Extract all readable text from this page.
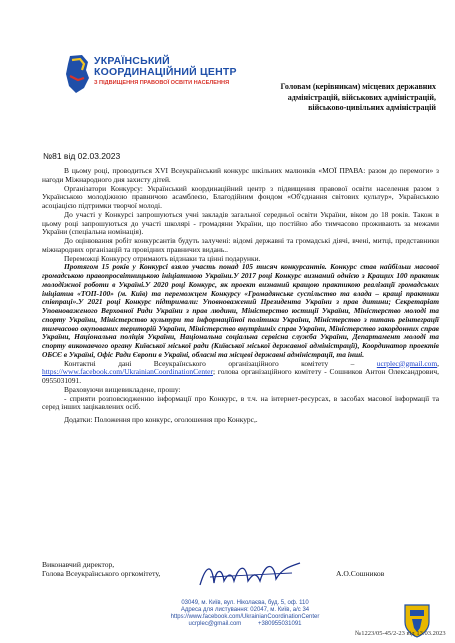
УКРАЇНСЬКИЙ
КООРДИНАЦІЙНИЙ ЦЕНТР
З ПІДВИЩЕННЯ ПРАВОВОЇ ОСВІТИ НАСЕЛЕННЯ	Головам (керівникам) місцевих державних
адміністрацій, військових адміністрацій,
військово-цивільних адміністрацій
№81 від 02.03.2023

В цьому році, проводиться XVI Всеукраїнський конкурс шкільних малюнків «МОЇ ПРАВА: разом до перемоги» з нагоди Міжнародного дня захисту дітей.

Організатори Конкурсу: Український координаційний центр з підвищення правової освіти населення разом з Українською молодіжною правничою асамблеєю, Благодійним фондом «Об'єднання світових культур», Українською асоціацією підтримки творчої молоді.

До участі у Конкурсі запрошуються учні закладів загальної середньої освіти України, віком до 18 років. Також в цьому році запрошуються до участі школярі - громадяни України, що постійно або тимчасово проживають за межами України (спеціальна номінація).

До оцінювання робіт конкурсантів будуть залучені: відомі державні та громадські діячі, вчені, митці, представники міжнародних організацій та провідних правничих видань..

Переможці Конкурсу отримають відзнаки та цінні подарунки.

Протягом 15 років у Конкурсі взяло участь понад 105 тисяч конкурсантів. Конкурс став найбільш масової громадською правопросвітницькою ініціативою України.У 2017 році Конкурс визнаний однією з Кращих 100 практик молодіжної роботи в Україні.У 2020 році Конкурс, як проект визнаний кращою практикою реалізації громадських ініціатив «ТОП-100» (м. Київ) та переможцем Конкурсу «Громадянське суспільство та влада – кращі практики співпраці».У 2021 році Конкурс підтримали: Уповноважений Президента України з прав дитини; Секретаріат Уповноваженого Верховної Ради України з прав людини, Міністерство юстиції України, Міністерство молоді та спорту України, Міністерство культури та інформаційної політики України, Міністерство з питань реінтеграції тимчасово окупованих територій України, Міністерство внутрішніх справ України, Міністерство закордонних справ України, Національна поліція України, Національна соціальна сервісна служба України, Департамент молоді та спорту виконавчого органу Київської міської ради (Київської міської державної адміністрації), Координатор проектів ОБСЄ в Україні, Офіс Ради Європи в Україні, обласні та місцеві державні адміністрації, та інші.

Контактні дані Всеукраїнського організаційного комітету –	ucrplec@gmail.com, https://www.facebook.com/UkrainianCoordinationCenter; голова організаційного комітету - Сошников Антон Олександрович, 0955031091.

Враховуючи вищевикладене, прошу:

- сприяти розповсюдженню інформації про Конкурс, в т.ч. на інтернет-ресурсах, в засобах масової інформації та серед інших зацікавлених осіб.

Додатки: Положення про конкурс, оголошення про Конкурс,.

Виконавчий директор,
Голова Всеукраїнського оргкомітету,	А.О.Сошников
03049, м. Київ, вул. Ніколаєва, буд. 5, оф. 110
Адреса для листування: 02047, м. Київ, а/с 34
https://www.facebook.com/UkrainianCoordinationCenter
ucrplec@gmail.com          +380955031091
№1223/05-45/2-23 від 13.03.2023
